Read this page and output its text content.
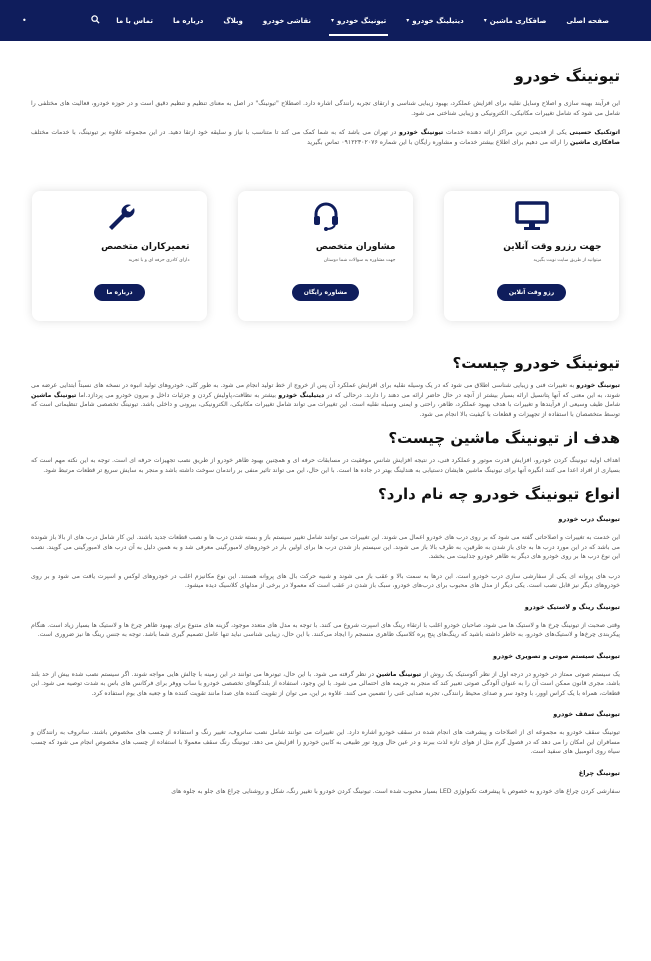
صفحه اصلی
صافکاری ماشین
▾
دیتیلینگ خودرو
▾
تیونینگ خودرو
▾
نقاشی خودرو
وبلاگ
درباره ما
تماس با ما
•
تیونینگ خودرو

این فرآیند بهینه سازی و اصلاح وسایل نقلیه برای افزایش عملکرد، بهبود زیبایی شناسی و ارتقای تجربه رانندگی اشاره دارد. اصطلاح "تیونینگ" در اصل به معنای تنظیم و تنظیم دقیق است و در حوزه خودرو، فعالیت های مختلفی را شامل می شود که شامل تغییرات مکانیکی، الکترونیکی و زیبایی شناختی می شود.

اتوتکنیک حسینی یکی از قدیمی ترین مراکز ارائه دهنده خدمات تیونینگ خودرو در تهران می باشد که به شما کمک می کند تا متناسب با نیاز و سلیقه خود ارتقا دهید. در این مجموعه علاوه بر تیونینگ، با خدمات مختلف صافکاری ماشین را ارائه می دهیم برای اطلاع بیشتر خدمات و مشاوره رایگان با این شماره ۰۹۱۲۲۳۰۲۰۷۶ تماس بگیرید

جهت رزرو وقت آنلاین
میتوانید از طریق سایت نوبت بگیرید
رزو وقت آنلاین
مشاوران متخصص
جهت مشاوره به سوالات شما دوستان
مشاوره رایگان
تعمیرکاران متخصص
دارای کادری حرفه ای و با تجربه
درباره ما
تیونینگ خودرو چیست؟

تیونینگ خودرو به تغییرات فنی و زیبایی شناسی اطلاق می شود که در یک وسیله نقلیه برای افزایش عملکرد آن پس از خروج از خط تولید انجام می شود. به طور کلی، خودروهای تولید انبوه در نسخه های نسبتاً ابتدایی عرضه می شوند، به این معنی که آنها پتانسیل ارائه بسیار بیشتر از آنچه در حال حاضر ارائه می دهند را دارند. درحالی که در دیتیلینگ خودرو بیشتر به نظافت،پاولیش کردن و جزئیات داخل و بیرون خودرو می پردازد.اما تیونینگ ماشین شامل طیف وسیعی از فرآیندها و تغییرات با هدف بهبود عملکرد، ظاهر، راحتی و ایمنی وسیله نقلیه است. این تغییرات می تواند شامل تغییرات مکانیکی، الکترونیکی، بیرونی و داخلی باشد. تیونینگ تخصصی شامل تنظیماتی است که توسط متخصصان با استفاده از تجهیزات و قطعات با کیفیت بالا انجام می شود.

هدف از تیونینگ ماشین چیست؟

اهداف اولیه تیونینگ کردن خودرو، افزایش قدرت موتور و عملکرد فنی، در نتیجه افزایش شانس موفقیت در مسابقات حرفه ای و همچنین بهبود ظاهر خودرو از طریق نصب تجهیزات حرفه ای است. توجه به این نکته مهم است که بسیاری از افراد اعدا می کنند انگیزه آنها برای تیونینگ ماشین هایشان دستیابی به هندلینگ بهتر در جاده ها است. با این حال، این می تواند تاثیر منفی بر راندمان سوخت داشته باشد و منجر به سایش سریع تر قطعات مرتبط شود.

انواع تیونینگ خودرو چه نام دارد؟
تیونینگ درب خودرو

این خدمت به تغییرات و اصلاحاتی گفته می شود که بر روی درب های خودرو اعمال می شوند. این تغییرات می توانند شامل تغییر سیستم باز و بسته شدن درب ها و نصب قطعات جدید باشند. این کار شامل درب های از بالا باز شونده می باشد که در این مورد درب ها به جای باز شدن به طرفین، به طرف بالا باز می شوند. این سیستم باز شدن درب ها برای اولین بار در خودروهای لامبورگینی معرفی شد و به همین دلیل به آن درب های لامبورگینی می گویند. نصب این نوع درب ها بر روی خودرو های دیگر به ظاهر خودرو جذابیت می بخشد.

درب های پروانه ای یکی از سفارشی سازی درب خودرو است. این درها به سمت بالا و عقب باز می شوند و شبیه حرکت بال های پروانه هستند. این نوع مکانیزم اغلب در خودروهای لوکس و اسپرت یافت می شود و بر روی خودروهای دیگر نیز قابل نصب است. یکی دیگر از مدل های محبوب برای درب‌های خودرو، سبک باز شدن در عقب است که معمولا در برخی از مدلهای کلاسیک دیده میشود.

تیونینگ رینگ و لاستیک خودرو

وقتی صحبت از تیونینگ چرخ ها و لاستیک ها می شود، صاحبان خودرو اغلب با ارتقاء رینگ های اسپرت شروع می کنند. با توجه به مدل های متعدد موجود، گزینه های متنوع برای بهبود ظاهر چرخ ها و لاستیک ها بسیار زیاد است. هنگام پیکربندی چرخ‌ها و لاستیک‌های خودرو، به خاطر داشته باشید که رینگ‌های پنج پره کلاسیک ظاهری منسجم را ایجاد می‌کنند. با این حال، زیبایی شناسی نباید تنها عامل تصمیم گیری شما باشد. توجه به جنس رینگ ها نیز ضروری است.

تیونینگ سیستم صوتی و تصویری خودرو

یک سیستم صوتی ممتاز در خودرو در درجه اول از نظر آکوستیک یک روش از تیونینگ ماشین در نظر گرفته می شود. با این حال، تیونرها می توانند در این زمینه با چالش هایی مواجه شوند. اگر سیستم نصب شده بیش از حد بلند باشد، مجری قانون ممکن است آن را به عنوان آلودگی صوتی تعبیر کند که منجر به جریمه های احتمالی می شود. با این وجود، استفاده از بلندگوهای تخصصی خودرو با ساب ووفر برای فرکانس های باس به شدت توصیه می شود. این قطعات، همراه با یک کراس اوور، با وجود سر و صدای محیط رانندگی، تجربه صدایی غنی را تضمین می کنند. علاوه بر این، می توان از تقویت کننده های صدا مانند تقویت کننده ها و جعبه های بوم استفاده کرد.

تیونینگ سقف خودرو

تیونینگ سقف خودرو به مجموعه ای از اصلاحات و پیشرفت های انجام شده در سقف خودرو اشاره دارد. این تغییرات می توانند شامل نصب سانروف، تغییر رنگ و استفاده از چسب های مخصوص باشند. سانروف به رانندگان و مسافران این امکان را می دهد که در فصول گرم مثل از هوای تازه لذت ببرند و در عین حال ورود نور طبیعی به کابین خودرو را افزایش می دهد. تیونینگ رنگ سقف معمولا با استفاده از چسب های مخصوص انجام می شود که چسب سیاه روی اتومبیل های سفید است.

تیونینگ چراغ

سفارشی کردن چراغ های خودرو به خصوص با پیشرفت تکنولوژی LED بسیار محبوب شده است. تیونینگ کردن خودرو با تغییر رنگ، شکل و روشنایی چراغ های جلو به جلوه های
